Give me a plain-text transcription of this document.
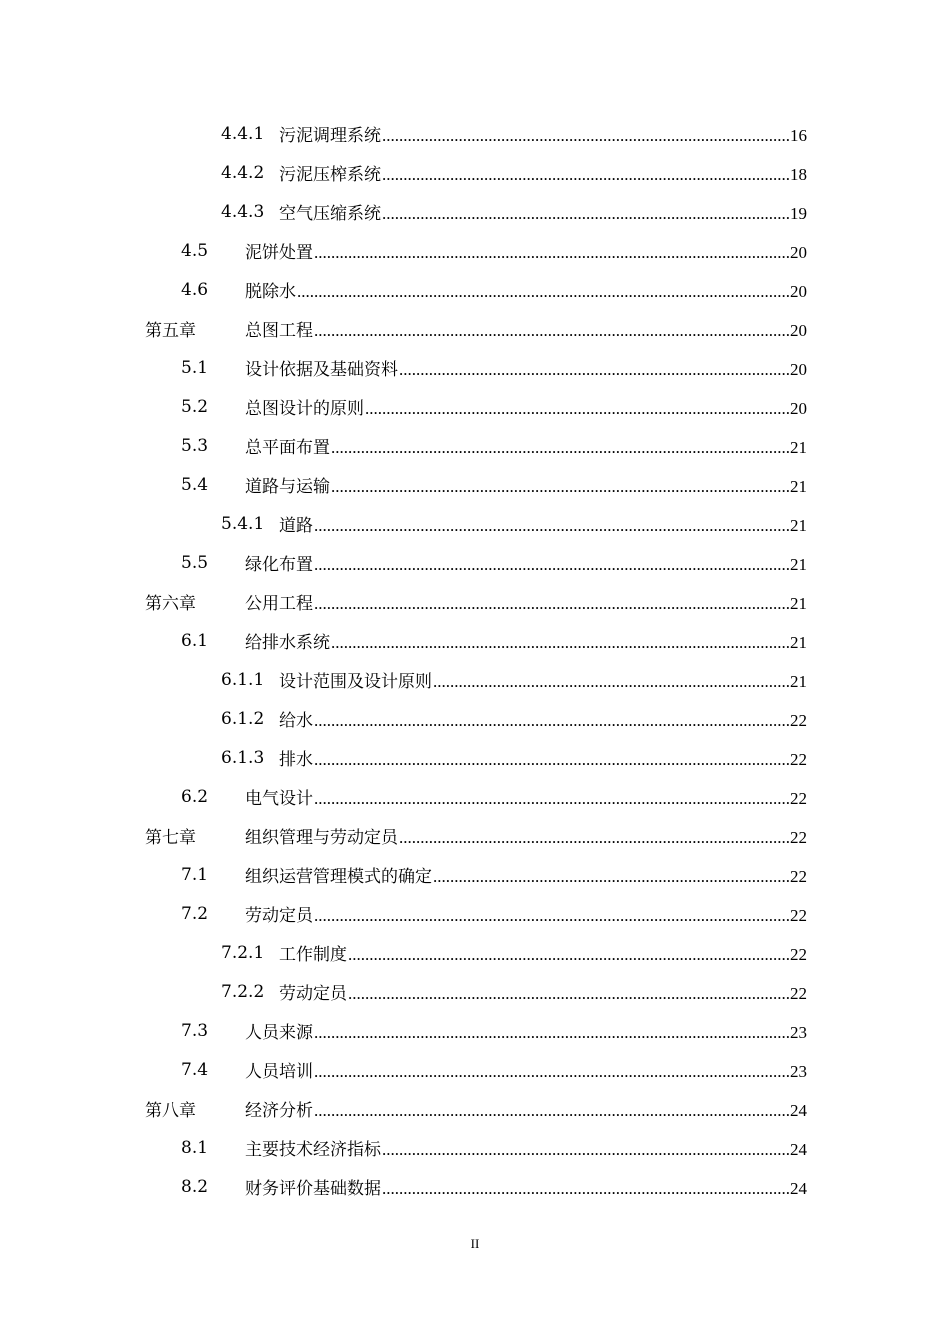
4.4.1 污泥调理系统 .....	16
4.4.2 污泥压榨系统 .....	18
4.4.3 空气压缩系统 .....	19
4.5 泥饼处置 .....	20
4.6 脱除水 .....	20
第五章	总图工程 .....	20
5.1 设计依据及基础资料 .....	20
5.2 总图设计的原则 .....	20
5.3 总平面布置 .....	21
5.4 道路与运输 .....	21
5.4.1 道路 .....	21
5.5 绿化布置 .....	21
第六章	公用工程 .....	21
6.1 给排水系统 .....	21
6.1.1 设计范围及设计原则 .....	21
6.1.2 给水 .....	22
6.1.3 排水 .....	22
6.2 电气设计 .....	22
第七章	组织管理与劳动定员 .....	22
7.1 组织运营管理模式的确定 .....	22
7.2 劳动定员 .....	22
7.2.1 工作制度 .....	22
7.2.2 劳动定员 .....	22
7.3 人员来源 .....	23
7.4 人员培训 .....	23
第八章	经济分析 .....	24
8.1 主要技术经济指标 .....	24
8.2 财务评价基础数据 .....	24
II
